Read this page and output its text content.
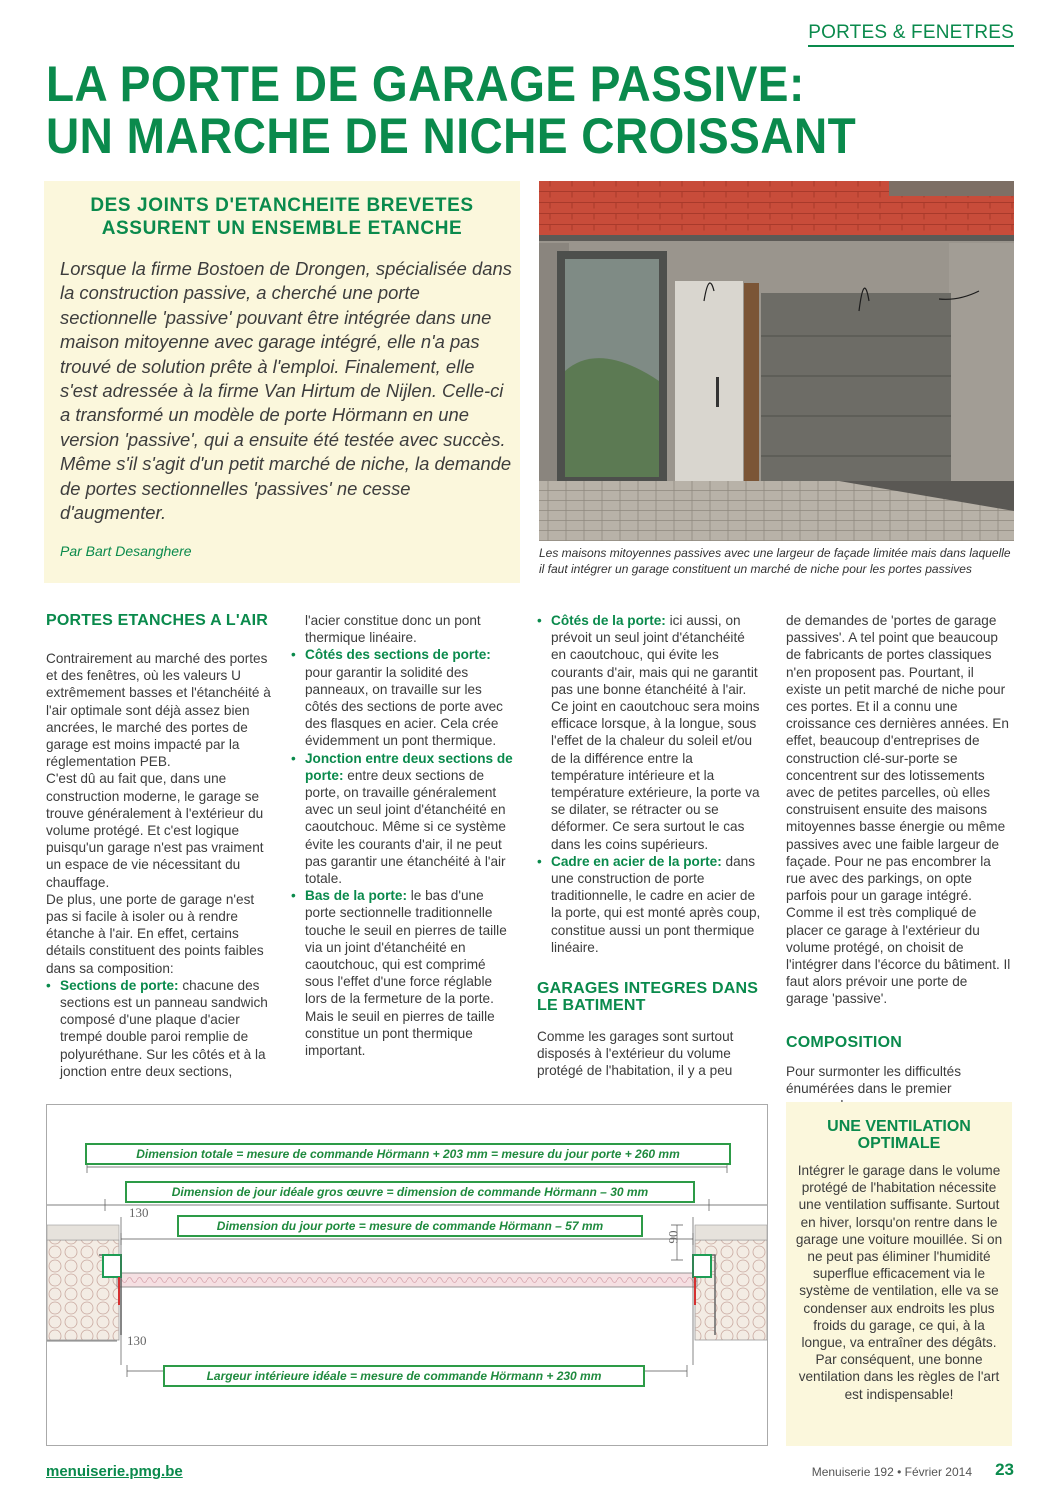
PORTES & FENETRES
LA PORTE DE GARAGE PASSIVE:
UN MARCHE DE NICHE CROISSANT
DES JOINTS D'ETANCHEITE BREVETES
ASSURENT UN ENSEMBLE ETANCHE
Lorsque la firme Bostoen de Drongen, spécialisée dans la construction passive, a cherché une porte sectionnelle 'passive' pouvant être intégrée dans une maison mitoyenne avec garage intégré, elle n'a pas trouvé de solution prête à l'emploi. Finalement, elle s'est adressée à la firme Van Hirtum de Nijlen. Celle-ci a transformé un modèle de porte Hörmann en une version 'passive', qui a ensuite été testée avec succès. Même s'il s'agit d'un petit marché de niche, la demande de portes sectionnelles 'passives' ne cesse d'augmenter.
Par Bart Desanghere	Les maisons mitoyennes passives avec une largeur de façade limitée mais dans laquelle il faut intégrer un garage constituent un marché de niche pour les portes passives
PORTES ETANCHES A L'AIR

Contrairement au marché des portes et des fenêtres, où les valeurs U extrêmement basses et l'étanchéité à l'air optimale sont déjà assez bien ancrées, le marché des portes de garage est moins impacté par la réglementation PEB.

C'est dû au fait que, dans une construction moderne, le garage se trouve généralement à l'extérieur du volume protégé. Et c'est logique puisqu'un garage n'est pas vraiment un espace de vie nécessitant du chauffage.

De plus, une porte de garage n'est pas si facile à isoler ou à rendre étanche à l'air. En effet, certains détails constituent des points faibles dans sa composition:

• Sections de porte: chacune des sections est un panneau sandwich composé d'une plaque d'acier trempé double paroi remplie de polyuréthane. Sur les côtés et à la jonction entre deux sections,
l'acier constitue donc un pont thermique linéaire.
• Côtés des sections de porte: pour garantir la solidité des panneaux, on travaille sur les côtés des sections de porte avec des flasques en acier. Cela crée évidemment un pont thermique.
• Jonction entre deux sections de porte: entre deux sections de porte, on travaille généralement avec un seul joint d'étanchéité en caoutchouc. Même si ce système évite les courants d'air, il ne peut pas garantir une étanchéité à l'air totale.
• Bas de la porte: le bas d'une porte sectionnelle traditionnelle touche le seuil en pierres de taille via un joint d'étanchéité en caoutchouc, qui est comprimé sous l'effet d'une force réglable lors de la fermeture de la porte. Mais le seuil en pierres de taille constitue un pont thermique important.
• Côtés de la porte: ici aussi, on prévoit un seul joint d'étanchéité en caoutchouc, qui évite les courants d'air, mais qui ne garantit pas une bonne étanchéité à l'air. Ce joint en caoutchouc sera moins efficace lorsque, à la longue, sous l'effet de la chaleur du soleil et/ou de la différence entre la température intérieure et la température extérieure, la porte va se dilater, se rétracter ou se déformer. Ce sera surtout le cas dans les coins supérieurs.
• Cadre en acier de la porte: dans une construction de porte traditionnelle, le cadre en acier de la porte, qui est monté après coup, constitue aussi un pont thermique linéaire.
GARAGES INTEGRES DANS LE BATIMENT

Comme les garages sont surtout disposés à l'extérieur du volume protégé de l'habitation, il y a peu

de demandes de 'portes de garage passives'. A tel point que beaucoup de fabricants de portes classiques n'en proposent pas. Pourtant, il existe un petit marché de niche pour ces portes. Et il a connu une croissance ces dernières années. En effet, beaucoup d'entreprises de construction clé-sur-porte se concentrent sur des lotissements avec de petites parcelles, où elles construisent ensuite des maisons mitoyennes basse énergie ou même passives avec une faible largeur de façade. Pour ne pas encombrer la rue avec des parkings, on opte parfois pour un garage intégré. Comme il est très compliqué de placer ce garage à l'extérieur du volume protégé, on choisit de l'intégrer dans l'écorce du bâtiment. Il faut alors prévoir une porte de garage 'passive'.

COMPOSITION

Pour surmonter les difficultés énumérées dans le premier

Dimension totale = mesure de commande Hörmann + 203 mm = mesure du jour porte + 260 mm
Dimension de jour idéale gros œuvre = dimension de commande Hörmann – 30 mm
Dimension du jour porte = mesure de commande Hörmann – 57 mm
Largeur intérieure idéale = mesure de commande Hörmann + 230 mm
130
130
90
UNE VENTILATION
OPTIMALE
Intégrer le garage dans le volume protégé de l'habitation nécessite une ventilation suffisante. Surtout en hiver, lorsqu'on rentre dans le garage une voiture mouillée. Si on ne peut pas éliminer l'humidité superflue efficacement via le système de ventilation, elle va se condenser aux endroits les plus froids du garage, ce qui, à la longue, va entraîner des dégâts. Par conséquent, une bonne ventilation dans les règles de l'art est indispensable!
menuiserie.pmg.be	Menuiserie 192 • Février 2014 23
